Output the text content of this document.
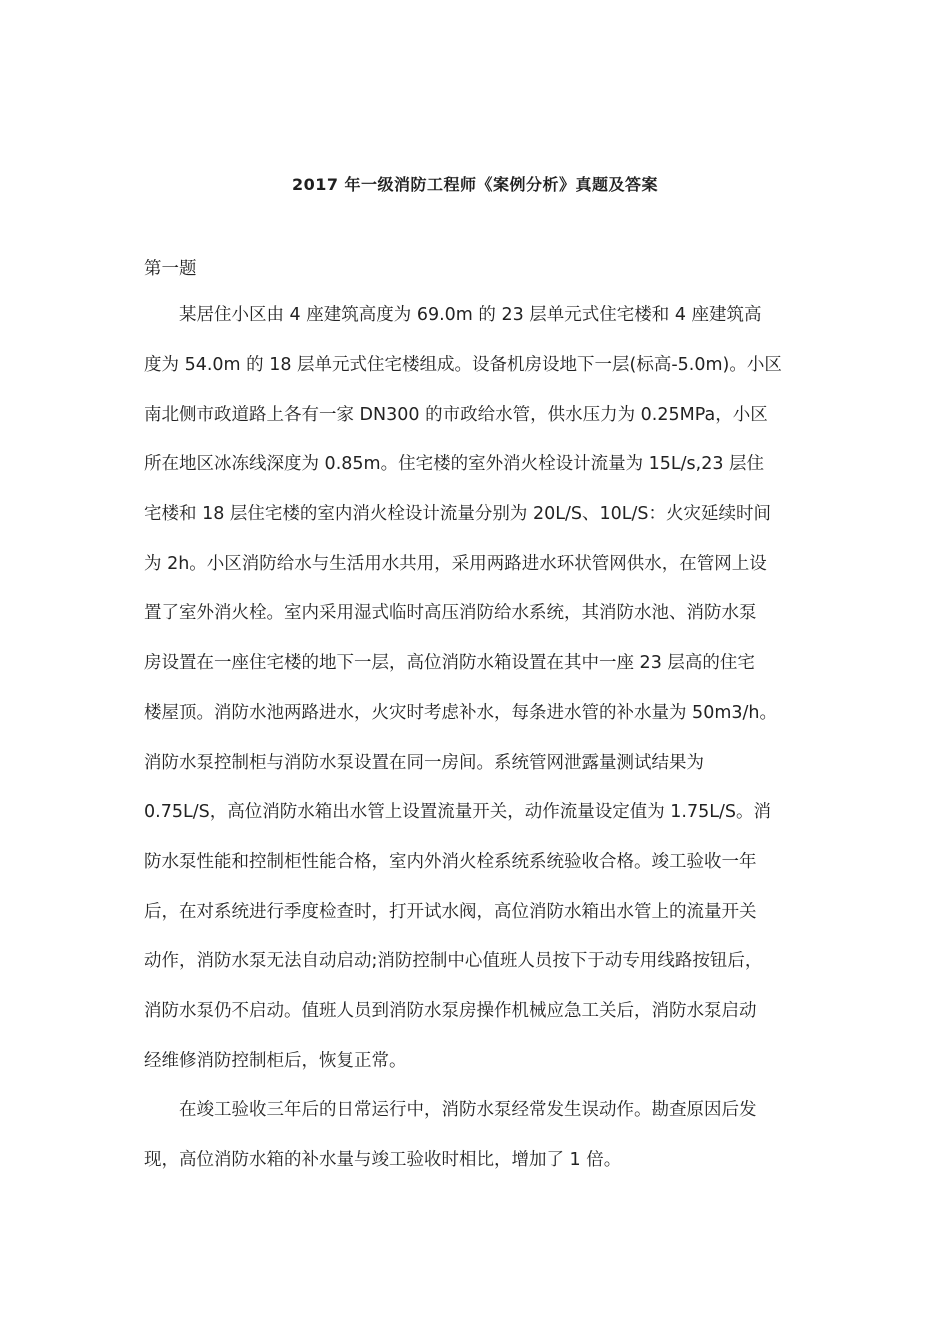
2017 年一级消防工程师《案例分析》真题及答案

第一题

　　某居住小区由 4 座建筑高度为 69.0m 的 23 层单元式住宅楼和 4 座建筑高

度为 54.0m 的 18 层单元式住宅楼组成。设备机房设地下一层(标高-5.0m)。小区

南北侧市政道路上各有一家 DN300 的市政给水管，供水压力为 0.25MPa，小区

所在地区冰冻线深度为 0.85m。住宅楼的室外消火栓设计流量为 15L/s,23 层住

宅楼和 18 层住宅楼的室内消火栓设计流量分别为 20L/S、10L/S：火灾延续时间

为 2h。小区消防给水与生活用水共用，采用两路进水环状管网供水，在管网上设

置了室外消火栓。室内采用湿式临时高压消防给水系统，其消防水池、消防水泵

房设置在一座住宅楼的地下一层，高位消防水箱设置在其中一座 23 层高的住宅

楼屋顶。消防水池两路进水，火灾时考虑补水，每条进水管的补水量为 50m3/h。

消防水泵控制柜与消防水泵设置在同一房间。系统管网泄露量测试结果为

0.75L/S，高位消防水箱出水管上设置流量开关，动作流量设定值为 1.75L/S。消

防水泵性能和控制柜性能合格，室内外消火栓系统系统验收合格。竣工验收一年

后，在对系统进行季度检查时，打开试水阀，高位消防水箱出水管上的流量开关

动作，消防水泵无法自动启动;消防控制中心值班人员按下于动专用线路按钮后，

消防水泵仍不启动。值班人员到消防水泵房操作机械应急工关后，消防水泵启动

经维修消防控制柜后，恢复正常。

　　在竣工验收三年后的日常运行中，消防水泵经常发生误动作。勘查原因后发

现，高位消防水箱的补水量与竣工验收时相比，增加了 1 倍。
